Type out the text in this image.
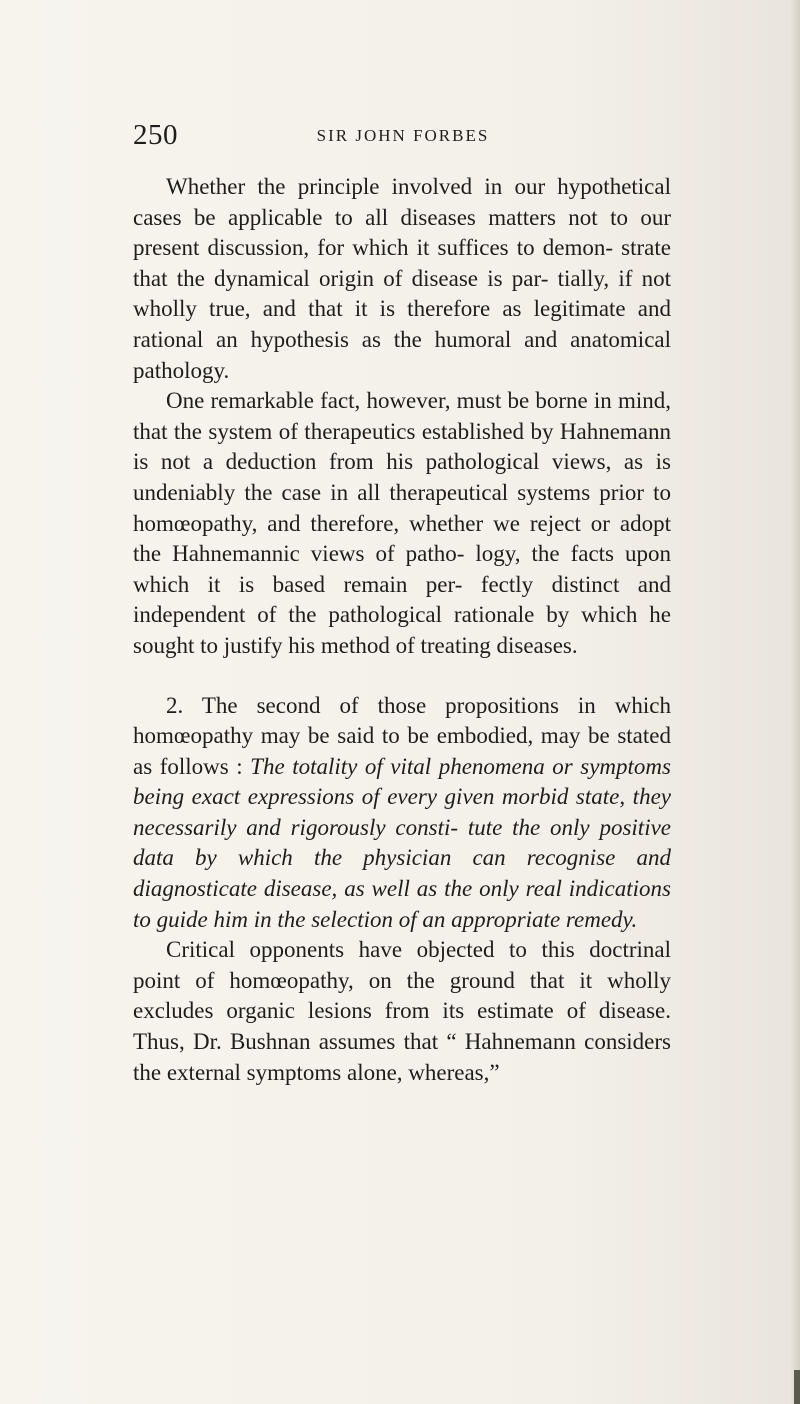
250	SIR JOHN FORBES

Whether the principle involved in our hypothetical cases be applicable to all diseases matters not to our present discussion, for which it suffices to demon- strate that the dynamical origin of disease is par- tially, if not wholly true, and that it is therefore as legitimate and rational an hypothesis as the humoral and anatomical pathology.

One remarkable fact, however, must be borne in mind, that the system of therapeutics established by Hahnemann is not a deduction from his pathological views, as is undeniably the case in all therapeutical systems prior to homœopathy, and therefore, whether we reject or adopt the Hahnemannic views of patho- logy, the facts upon which it is based remain per- fectly distinct and independent of the pathological rationale by which he sought to justify his method of treating diseases.

2. The second of those propositions in which homœopathy may be said to be embodied, may be stated as follows : The totality of vital phenomena or symptoms being exact expressions of every given morbid state, they necessarily and rigorously consti- tute the only positive data by which the physician can recognise and diagnosticate disease, as well as the only real indications to guide him in the selection of an appropriate remedy.

Critical opponents have objected to this doctrinal point of homœopathy, on the ground that it wholly excludes organic lesions from its estimate of disease. Thus, Dr. Bushnan assumes that “ Hahnemann considers the external symptoms alone, whereas,”
